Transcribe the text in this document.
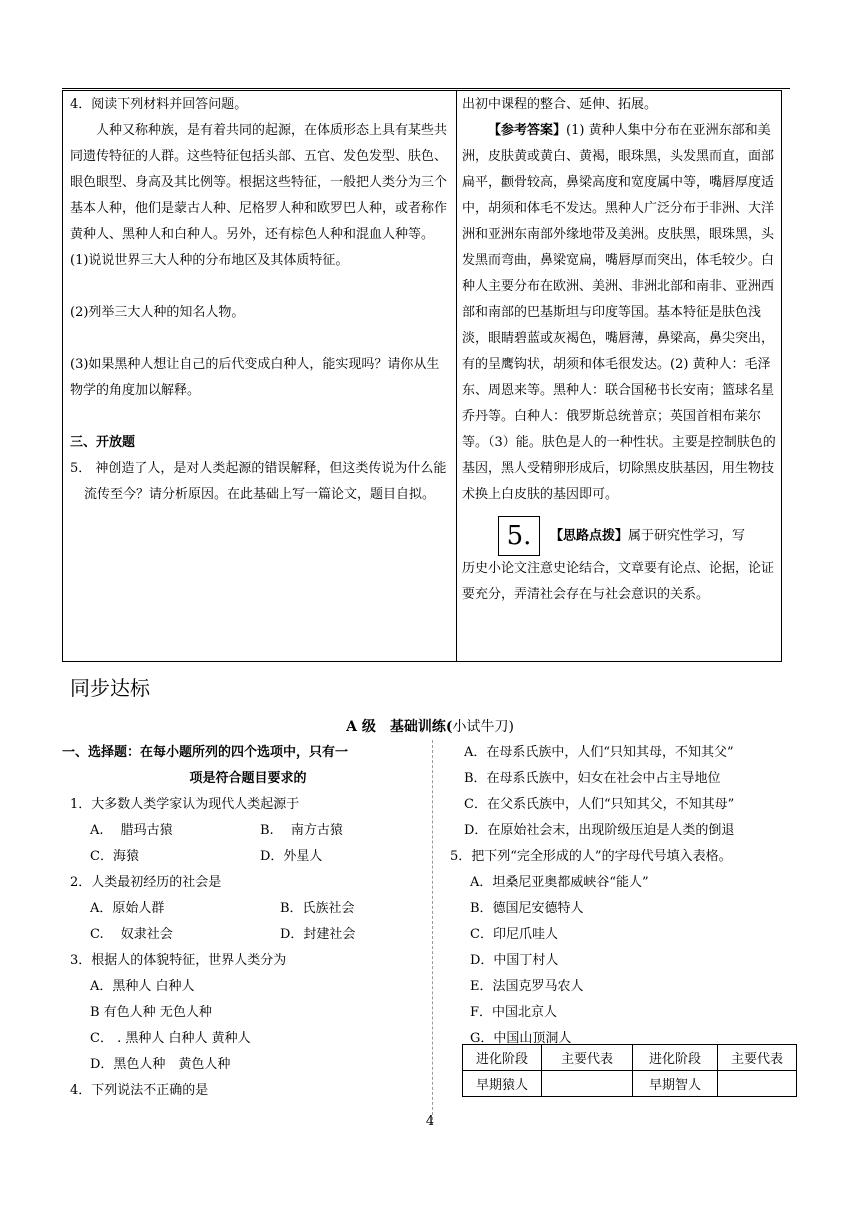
4．阅读下列材料并回答问题。

人种又称种族，是有着共同的起源，在体质形态上具有某些共同遗传特征的人群。这些特征包括头部、五官、发色发型、肤色、眼色眼型、身高及其比例等。根据这些特征，一般把人类分为三个基本人种，他们是蒙古人种、尼格罗人种和欧罗巴人种，或者称作黄种人、黑种人和白种人。另外，还有棕色人种和混血人种等。

(1)说说世界三大人种的分布地区及其体质特征。

(2)列举三大人种的知名人物。

(3)如果黑种人想让自己的后代变成白种人，能实现吗？请你从生物学的角度加以解释。

三、开放题

5． 神创造了人，是对人类起源的错误解释，但这类传说为什么能流传至今？请分析原因。在此基础上写一篇论文，题目自拟。

出初中课程的整合、延伸、拓展。

【参考答案】(1) 黄种人集中分布在亚洲东部和美洲，皮肤黄或黄白、黄褐，眼珠黑，头发黑而直，面部扁平，颧骨较高，鼻梁高度和宽度属中等，嘴唇厚度适中，胡须和体毛不发达。黑种人广泛分布于非洲、大洋洲和亚洲东南部外缘地带及美洲。皮肤黑，眼珠黑，头发黑而弯曲，鼻梁宽扁，嘴唇厚而突出，体毛较少。白种人主要分布在欧洲、美洲、非洲北部和南非、亚洲西部和南部的巴基斯坦与印度等国。基本特征是肤色浅淡，眼睛碧蓝或灰褐色，嘴唇薄，鼻梁高，鼻尖突出，有的呈鹰钩状，胡须和体毛很发达。(2) 黄种人：毛泽东、周恩来等。黑种人：联合国秘书长安南；篮球名星乔丹等。白种人：俄罗斯总统普京；英国首相布莱尔等。（3）能。肤色是人的一种性状。主要是控制肤色的基因，黑人受精卵形成后，切除黑皮肤基因，用生物技术换上白皮肤的基因即可。

5. 【思路点拨】属于研究性学习，写

历史小论文注意史论结合，文章要有论点、论据，论证要充分，弄清社会存在与社会意识的关系。

同步达标
A 级　基础训练(小试牛刀)

一、选择题：在每小题所列的四个选项中，只有一

项是符合题目要求的

1．大多数人类学家认为现代人类起源于

A.　 腊玛古猿	B.　 南方古猿
C．海猿	D．外星人

2．人类最初经历的社会是

A．原始人群	B．氏族社会
C.　 奴隶社会	D．封建社会

3．根据人的体貌特征，世界人类分为

A．黑种人 白种人

B 有色人种 无色人种

C． . 黑种人 白种人 黄种人

D．黑色人种　黄色人种

4．下列说法不正确的是

A．在母系氏族中，人们“只知其母，不知其父”

B．在母系氏族中，妇女在社会中占主导地位

C．在父系氏族中，人们“只知其父，不知其母”

D．在原始社会末，出现阶级压迫是人类的倒退

5．把下列“完全形成的人”的字母代号填入表格。

A．坦桑尼亚奥都威峡谷“能人”

B．德国尼安德特人

C．印尼爪哇人

D．中国丁村人

E．法国克罗马农人

F．中国北京人

G．中国山顶洞人

进化阶段	主要代表	进化阶段	主要代表
早期猿人		早期智人	
4
